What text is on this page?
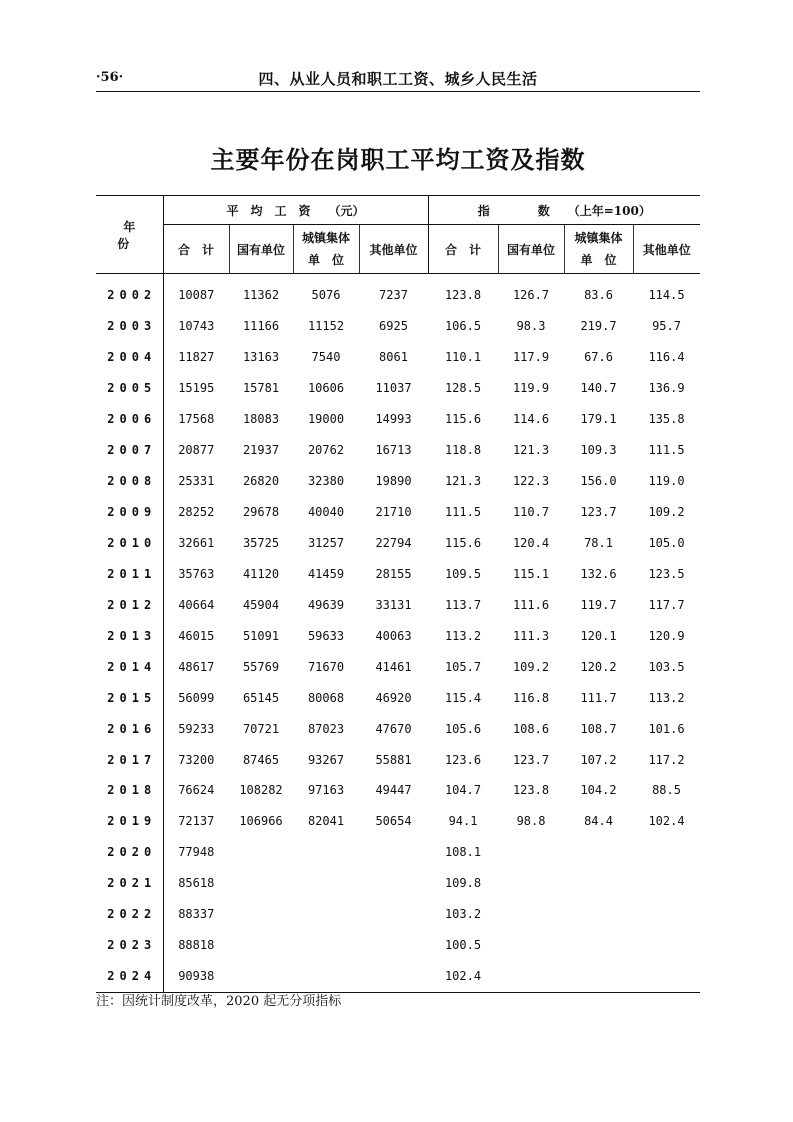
·56·	四、从业人员和职工工资、城乡人民生活
主要年份在岗职工平均工资及指数
年 份	平　均　工　资　　（元）				指　　　　数　　 （上年=100）			
	合　计	国有单位	城镇集体
单　位	其他单位	合　计	国有单位	城镇集体
单　位	其他单位
2002	10087	11362	5076	7237	123.8	126.7	83.6	114.5
2003	10743	11166	11152	6925	106.5	98.3	219.7	95.7
2004	11827	13163	7540	8061	110.1	117.9	67.6	116.4
2005	15195	15781	10606	11037	128.5	119.9	140.7	136.9
2006	17568	18083	19000	14993	115.6	114.6	179.1	135.8
2007	20877	21937	20762	16713	118.8	121.3	109.3	111.5
2008	25331	26820	32380	19890	121.3	122.3	156.0	119.0
2009	28252	29678	40040	21710	111.5	110.7	123.7	109.2
2010	32661	35725	31257	22794	115.6	120.4	78.1	105.0
2011	35763	41120	41459	28155	109.5	115.1	132.6	123.5
2012	40664	45904	49639	33131	113.7	111.6	119.7	117.7
2013	46015	51091	59633	40063	113.2	111.3	120.1	120.9
2014	48617	55769	71670	41461	105.7	109.2	120.2	103.5
2015	56099	65145	80068	46920	115.4	116.8	111.7	113.2
2016	59233	70721	87023	47670	105.6	108.6	108.7	101.6
2017	73200	87465	93267	55881	123.6	123.7	107.2	117.2
2018	76624	108282	97163	49447	104.7	123.8	104.2	88.5
2019	72137	106966	82041	50654	94.1	98.8	84.4	102.4
2020	77948				108.1			
2021	85618				109.8			
2022	88337				103.2			
2023	88818				100.5			
2024	90938				102.4			
注：因统计制度改革，2020 起无分项指标
